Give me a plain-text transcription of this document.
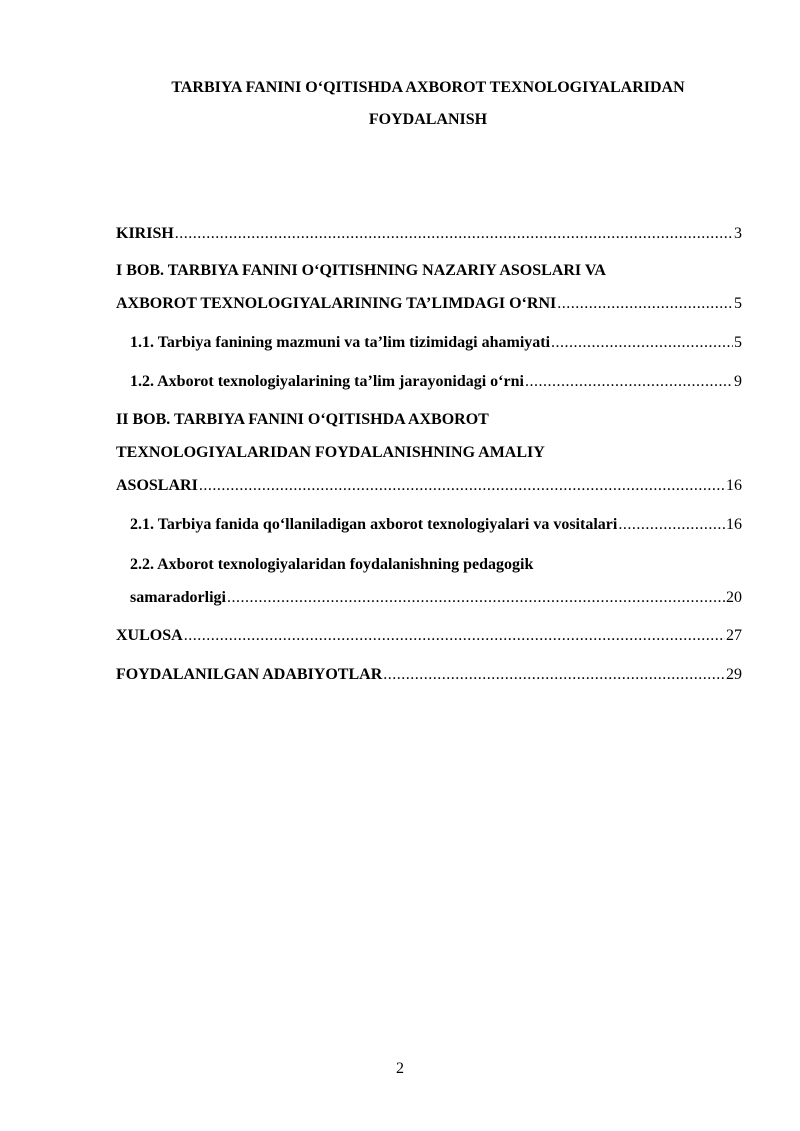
TARBIYA FANINI O‘QITISHDA AXBOROT TEXNOLOGIYALARIDAN
FOYDALANISH
KIRISH .....	3
I BOB. TARBIYA FANINI O‘QITISHNING NAZARIY ASOSLARI VA
AXBOROT TEXNOLOGIYALARINING TA’LIMDAGI O‘RNI .....	5
1.1. Tarbiya fanining mazmuni va ta’lim tizimidagi ahamiyati .....	5
1.2. Axborot texnologiyalarining ta’lim jarayonidagi o‘rni .....	9
II BOB. TARBIYA FANINI O‘QITISHDA AXBOROT
TEXNOLOGIYALARIDAN FOYDALANISHNING AMALIY
ASOSLARI .....	16
2.1. Tarbiya fanida qo‘llaniladigan axborot texnologiyalari va vositalari .....	16
2.2. Axborot texnologiyalaridan foydalanishning pedagogik
samaradorligi .....	20
XULOSA .....	27
FOYDALANILGAN ADABIYOTLAR .....	29
2
